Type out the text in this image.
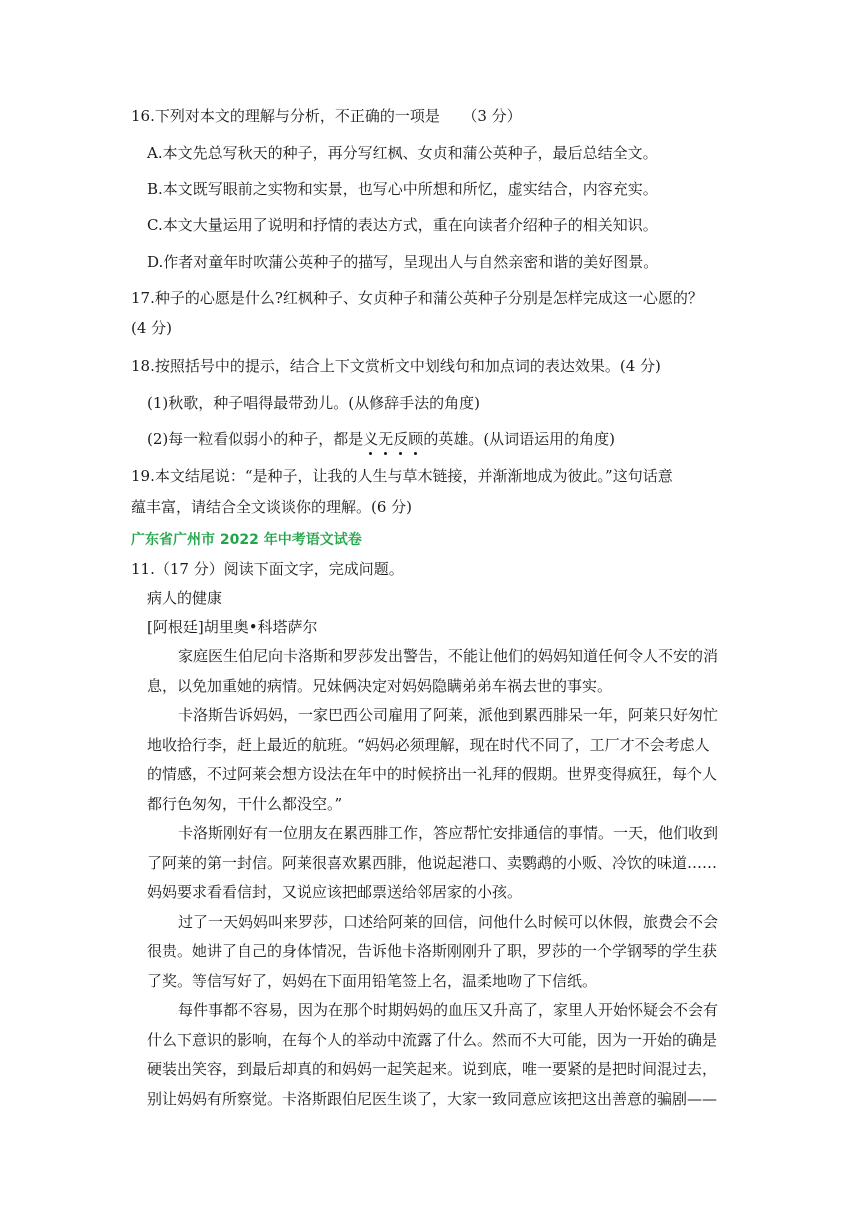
16.下列对本文的理解与分析，不正确的一项是　　（3 分）
A.本文先总写秋天的种子，再分写红枫、女贞和蒲公英种子，最后总结全文。
B.本文既写眼前之实物和实景，也写心中所想和所忆，虚实结合，内容充实。
C.本文大量运用了说明和抒情的表达方式，重在向读者介绍种子的相关知识。
D.作者对童年时吹蒲公英种子的描写，呈现出人与自然亲密和谐的美好图景。
17.种子的心愿是什么?红枫种子、女贞种子和蒲公英种子分别是怎样完成这一心愿的？
(4 分)
18.按照括号中的提示，结合上下文赏析文中划线句和加点词的表达效果。(4 分)
(1)秋歌，种子唱得最带劲儿。(从修辞手法的角度)
(2)每一粒看似弱小的种子，都是义无反顾的英雄。(从词语运用的角度)
19.本文结尾说：“是种子，让我的人生与草木链接，并渐渐地成为彼此。”这句话意
蕴丰富，请结合全文谈谈你的理解。(6 分)
广东省广州市 2022 年中考语文试卷
11.（17 分）阅读下面文字，完成问题。
病人的健康
[阿根廷]胡里奥•科塔萨尔
家庭医生伯尼向卡洛斯和罗莎发出警告，不能让他们的妈妈知道任何令人不安的消
息，以免加重她的病情。兄妹俩决定对妈妈隐瞒弟弟车祸去世的事实。
卡洛斯告诉妈妈，一家巴西公司雇用了阿莱，派他到累西腓呆一年，阿莱只好匆忙
地收拾行李，赶上最近的航班。“妈妈必须理解，现在时代不同了，工厂才不会考虑人
的情感，不过阿莱会想方设法在年中的时候挤出一礼拜的假期。世界变得疯狂，每个人
都行色匆匆，干什么都没空。”
卡洛斯刚好有一位朋友在累西腓工作，答应帮忙安排通信的事情。一天，他们收到
了阿莱的第一封信。阿莱很喜欢累西腓，他说起港口、卖鹦鹉的小贩、冷饮的味道……
妈妈要求看看信封，又说应该把邮票送给邻居家的小孩。
过了一天妈妈叫来罗莎，口述给阿莱的回信，问他什么时候可以休假，旅费会不会
很贵。她讲了自己的身体情况，告诉他卡洛斯刚刚升了职，罗莎的一个学钢琴的学生获
了奖。等信写好了，妈妈在下面用铅笔签上名，温柔地吻了下信纸。
每件事都不容易，因为在那个时期妈妈的血压又升高了，家里人开始怀疑会不会有
什么下意识的影响，在每个人的举动中流露了什么。然而不大可能，因为一开始的确是
硬装出笑容，到最后却真的和妈妈一起笑起来。说到底，唯一要紧的是把时间混过去，
别让妈妈有所察觉。卡洛斯跟伯尼医生谈了，大家一致同意应该把这出善意的骗剧——
